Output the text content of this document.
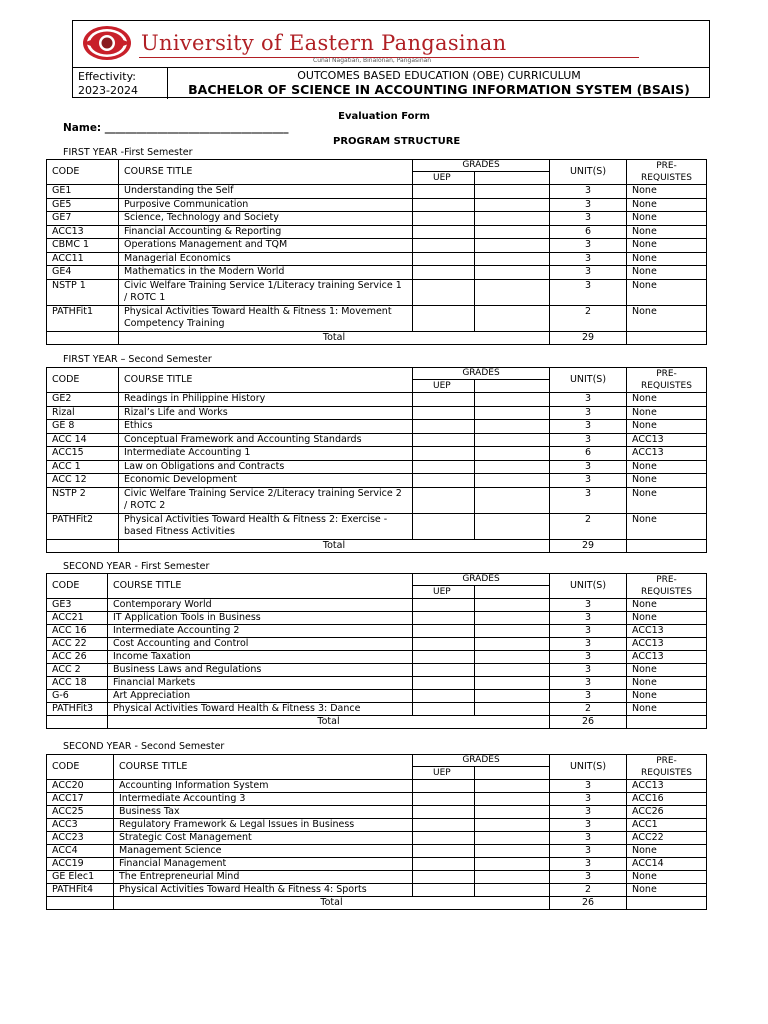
University of Eastern Pangasinan
Cuñal Nagatian, Binalonan, Pangasinan
Effectivity:
2023-2024
OUTCOMES BASED EDUCATION (OBE) CURRICULUM
BACHELOR OF SCIENCE IN ACCOUNTING INFORMATION SYSTEM (BSAIS)
Evaluation Form
Name: ___________________________________
PROGRAM STRUCTURE
FIRST YEAR -First Semester
CODE	COURSE TITLE	GRADES		UNIT(S)	PRE-
REQUISTES

		UEP			
GE1	Understanding the Self			3	None
GE5	Purposive Communication			3	None
GE7	Science, Technology and Society			3	None
ACC13	Financial Accounting & Reporting			6	None
CBMC 1	Operations Management and TQM			3	None
ACC11	Managerial Economics			3	None
GE4	Mathematics in the Modern World			3	None
NSTP 1	Civic Welfare Training Service 1/Literacy training Service 1 / ROTC 1			3	None
PATHFit1	Physical Activities Toward Health & Fitness 1: Movement Competency Training			2	None
	Total			29	
FIRST YEAR – Second Semester
CODE	COURSE TITLE	GRADES		UNIT(S)	PRE-
REQUISTES

		UEP			
GE2	Readings in Philippine History			3	None
Rizal	Rizal’s Life and Works			3	None
GE 8	Ethics			3	None
ACC 14	Conceptual Framework and Accounting Standards			3	ACC13
ACC15	Intermediate Accounting 1			6	ACC13
ACC 1	Law on Obligations and Contracts			3	None
ACC 12	Economic Development			3	None
NSTP 2	Civic Welfare Training Service 2/Literacy training Service 2 / ROTC 2			3	None
PATHFit2	Physical Activities Toward Health & Fitness 2: Exercise - based Fitness Activities			2	None
	Total			29	
SECOND YEAR - First Semester
CODE	COURSE TITLE	GRADES		UNIT(S)	PRE-
REQUISTES

		UEP			
GE3	Contemporary World			3	None
ACC21	IT Application Tools in Business			3	None
ACC 16	Intermediate Accounting 2			3	ACC13
ACC 22	Cost Accounting and Control			3	ACC13
ACC 26	Income Taxation			3	ACC13
ACC 2	Business Laws and Regulations			3	None
ACC 18	Financial Markets			3	None
G-6	Art Appreciation			3	None
PATHFit3	Physical Activities Toward Health & Fitness 3: Dance			2	None
	Total			26	
SECOND YEAR - Second Semester
CODE	COURSE TITLE	GRADES		UNIT(S)	PRE-
REQUISTES

		UEP			
ACC20	Accounting Information System			3	ACC13
ACC17	Intermediate Accounting 3			3	ACC16
ACC25	Business Tax			3	ACC26
ACC3	Regulatory Framework & Legal Issues in Business			3	ACC1
ACC23	Strategic Cost Management			3	ACC22
ACC4	Management Science			3	None
ACC19	Financial Management			3	ACC14
GE Elec1	The Entrepreneurial Mind			3	None
PATHFit4	Physical Activities Toward Health & Fitness 4: Sports			2	None
	Total			26	
